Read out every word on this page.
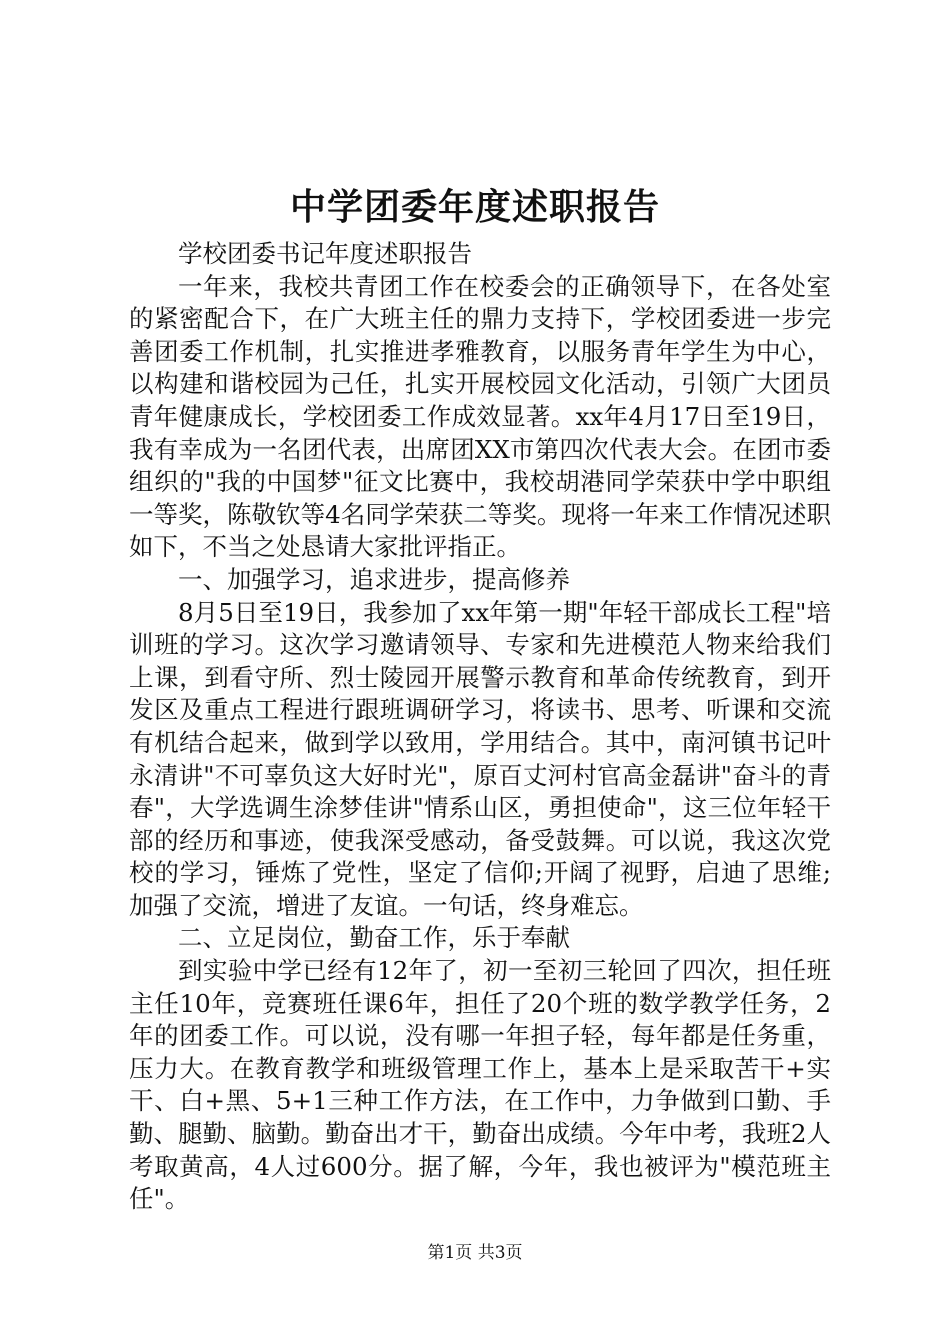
中学团委年度述职报告

学校团委书记年度述职报告

一年来，我校共青团工作在校委会的正确领导下，在各处室的紧密配合下，在广大班主任的鼎力支持下，学校团委进一步完善团委工作机制，扎实推进孝雅教育，以服务青年学生为中心，以构建和谐校园为己任，扎实开展校园文化活动，引领广大团员青年健康成长，学校团委工作成效显著。xx年4月17日至19日，我有幸成为一名团代表，出席团XX市第四次代表大会。在团市委组织的"我的中国梦"征文比赛中，我校胡港同学荣获中学中职组一等奖，陈敬钦等4名同学荣获二等奖。现将一年来工作情况述职如下，不当之处恳请大家批评指正。

一、加强学习，追求进步，提高修养

8月5日至19日，我参加了xx年第一期"年轻干部成长工程"培训班的学习。这次学习邀请领导、专家和先进模范人物来给我们上课，到看守所、烈士陵园开展警示教育和革命传统教育，到开发区及重点工程进行跟班调研学习，将读书、思考、听课和交流有机结合起来，做到学以致用，学用结合。其中，南河镇书记叶永清讲"不可辜负这大好时光"，原百丈河村官高金磊讲"奋斗的青春"，大学选调生涂梦佳讲"情系山区，勇担使命"，这三位年轻干部的经历和事迹，使我深受感动，备受鼓舞。可以说，我这次党校的学习，锤炼了党性，坚定了信仰;开阔了视野，启迪了思维;加强了交流，增进了友谊。一句话，终身难忘。

二、立足岗位，勤奋工作，乐于奉献

到实验中学已经有12年了，初一至初三轮回了四次，担任班主任10年，竞赛班任课6年，担任了20个班的数学教学任务，2年的团委工作。可以说，没有哪一年担子轻，每年都是任务重，压力大。在教育教学和班级管理工作上，基本上是采取苦干+实干、白+黑、5+1三种工作方法，在工作中，力争做到口勤、手勤、腿勤、脑勤。勤奋出才干，勤奋出成绩。今年中考，我班2人考取黄高，4人过600分。据了解，今年，我也被评为"模范班主任"。

第1页 共3页
